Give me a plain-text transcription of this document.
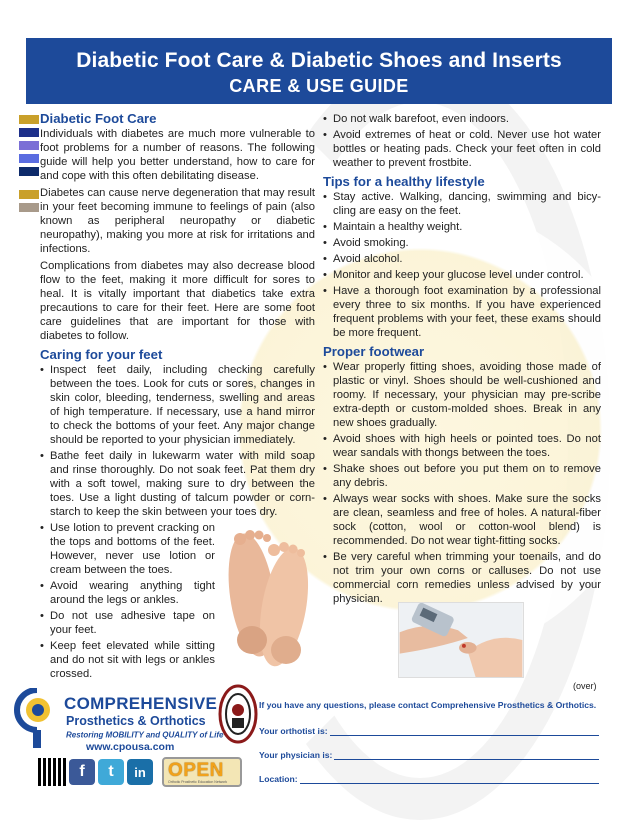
Diabetic Foot Care & Diabetic Shoes and Inserts
CARE & USE GUIDE
Diabetic Foot Care

Individuals with diabetes are much more vulnerable to foot problems for a number of reasons. The following guide will help you better understand, how to care for and cope with this often debilitating disease.

Diabetes can cause nerve degeneration that may result in your feet becoming immune to feelings of pain (also known as peripheral neuropathy or diabetic neuropathy), making you more at risk for irritations and infections.

Complications from diabetes may also decrease blood flow to the feet, making it more difficult for sores to heal. It is vitally important that diabetics take extra precautions to care for their feet. Here are some foot care guidelines that are important for those with diabetes to follow.

Caring for your feet
• Inspect feet daily, including checking carefully between the toes. Look for cuts or sores, changes in skin color, bleeding, tenderness, swelling and areas of high temperature. If necessary, use a hand mirror to check the bottoms of your feet. Any major change should be reported to your physician immediately.
• Bathe feet daily in lukewarm water with mild soap and rinse thoroughly. Do not soak feet. Pat them dry with a soft towel, making sure to dry between the toes. Use a light dusting of talcum powder or corn-starch to keep the skin between your toes dry.
• Use lotion to prevent cracking on the tops and bottoms of the feet. However, never use lotion or cream between the toes.
• Avoid wearing anything tight around the legs or ankles.
• Do not use adhesive tape on your feet.
• Keep feet elevated while sitting and do not sit with legs or ankles crossed.
• Do not walk barefoot, even indoors.
• Avoid extremes of heat or cold. Never use hot water bottles or heating pads. Check your feet often in cold weather to prevent frostbite.
Tips for a healthy lifestyle
• Stay active. Walking, dancing, swimming and bicy-cling are easy on the feet.
• Maintain a healthy weight.
• Avoid smoking.
• Avoid alcohol.
• Monitor and keep your glucose level under control.
• Have a thorough foot examination by a professional every three to six months. If you have experienced frequent problems with your feet, these exams should be more frequent.
Proper footwear
• Wear properly fitting shoes, avoiding those made of plastic or vinyl. Shoes should be well-cushioned and roomy. If necessary, your physician may pre-scribe extra-depth or custom-molded shoes. Break in any new shoes gradually.
• Avoid shoes with high heels or pointed toes. Do not wear sandals with thongs between the toes.
• Shake shoes out before you put them on to remove any debris.
• Always wear socks with shoes. Make sure the socks are clean, seamless and free of holes. A natural-fiber sock (cotton, wool or cotton-wool blend) is recommended. Do not wear tight-fitting socks.
• Be very careful when trimming your toenails, and do not trim your own corns or calluses. Do not use commercial corn remedies unless advised by your physician.
(over)
COMPREHENSIVE
Prosthetics & Orthotics
Restoring MOBILITY and QUALITY of Life
www.cpousa.com
If you have any questions, please contact Comprehensive Prosthetics & Orthotics.
Your orthotist is:
Your physician is:
Location:
f	t	in	OPEN
Orthotic Prosthetic Education Network
